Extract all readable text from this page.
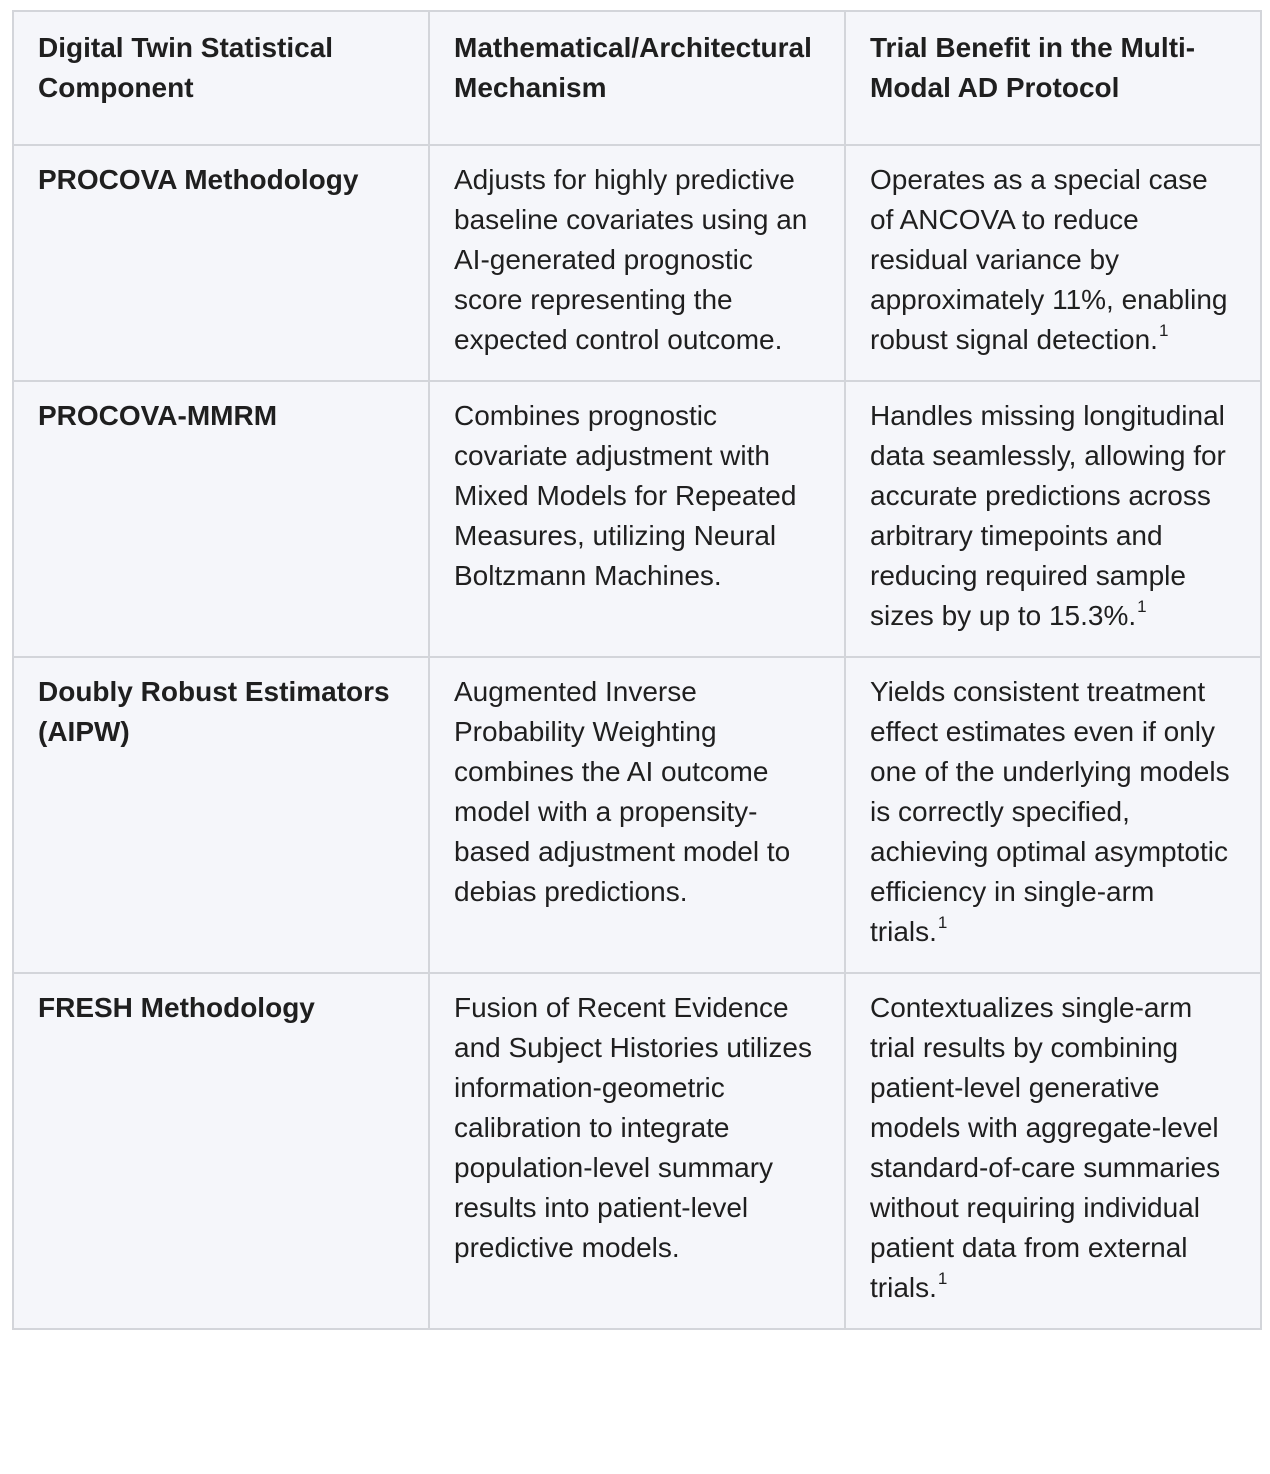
Digital Twin Statistical Component	Mathematical/Architectural Mechanism	Trial Benefit in the Multi-Modal AD Protocol
PROCOVA Methodology	Adjusts for highly predictive baseline covariates using an AI-generated prognostic score representing the expected control outcome.	Operates as a special case of ANCOVA to reduce residual variance by approximately 11%, enabling robust signal detection.$^1$
PROCOVA-MMRM	Combines prognostic covariate adjustment with Mixed Models for Repeated Measures, utilizing Neural Boltzmann Machines.	Handles missing longitudinal data seamlessly, allowing for accurate predictions across arbitrary timepoints and reducing required sample sizes by up to 15.3%.$^1$
Doubly Robust Estimators (AIPW)	Augmented Inverse Probability Weighting combines the AI outcome model with a propensity-based adjustment model to debias predictions.	Yields consistent treatment effect estimates even if only one of the underlying models is correctly specified, achieving optimal asymptotic efficiency in single-arm trials.$^1$
FRESH Methodology	Fusion of Recent Evidence and Subject Histories utilizes information-geometric calibration to integrate population-level summary results into patient-level predictive models.	Contextualizes single-arm trial results by combining patient-level generative models with aggregate-level standard-of-care summaries without requiring individual patient data from external trials.$^1$
